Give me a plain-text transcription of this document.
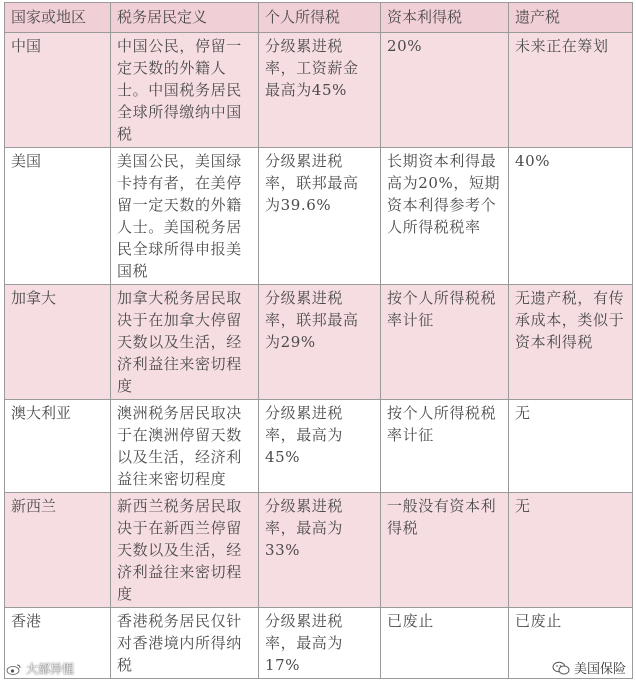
国家或地区	税务居民定义	个人所得税	资本利得税	遗产税
中国	中国公民，停留一定天数的外籍人士。中国税务居民全球所得缴纳中国税	分级累进税率，工资薪金最高为45%	20%	未来正在筹划
美国	美国公民，美国绿卡持有者，在美停留一定天数的外籍人士。美国税务居民全球所得申报美国税	分级累进税率，联邦最高为39.6%	长期资本利得最高为20%，短期资本利得参考个人所得税税率	40%
加拿大	加拿大税务居民取决于在加拿大停留天数以及生活，经济利益往来密切程度	分级累进税率，联邦最高为29%	按个人所得税税率计征	无遗产税，有传承成本，类似于资本利得税
澳大利亚	澳洲税务居民取决于在澳洲停留天数以及生活，经济利益往来密切程度	分级累进税率，最高为45%	按个人所得税税率计征	无
新西兰	新西兰税务居民取决于在新西兰停留天数以及生活，经济利益往来密切程度	分级累进税率，最高为33%	一般没有资本利得税	无
香港	香港税务居民仅针对香港境内所得纳税	分级累进税率，最高为17%	已废止	已废止
大部异惺	美国保险
